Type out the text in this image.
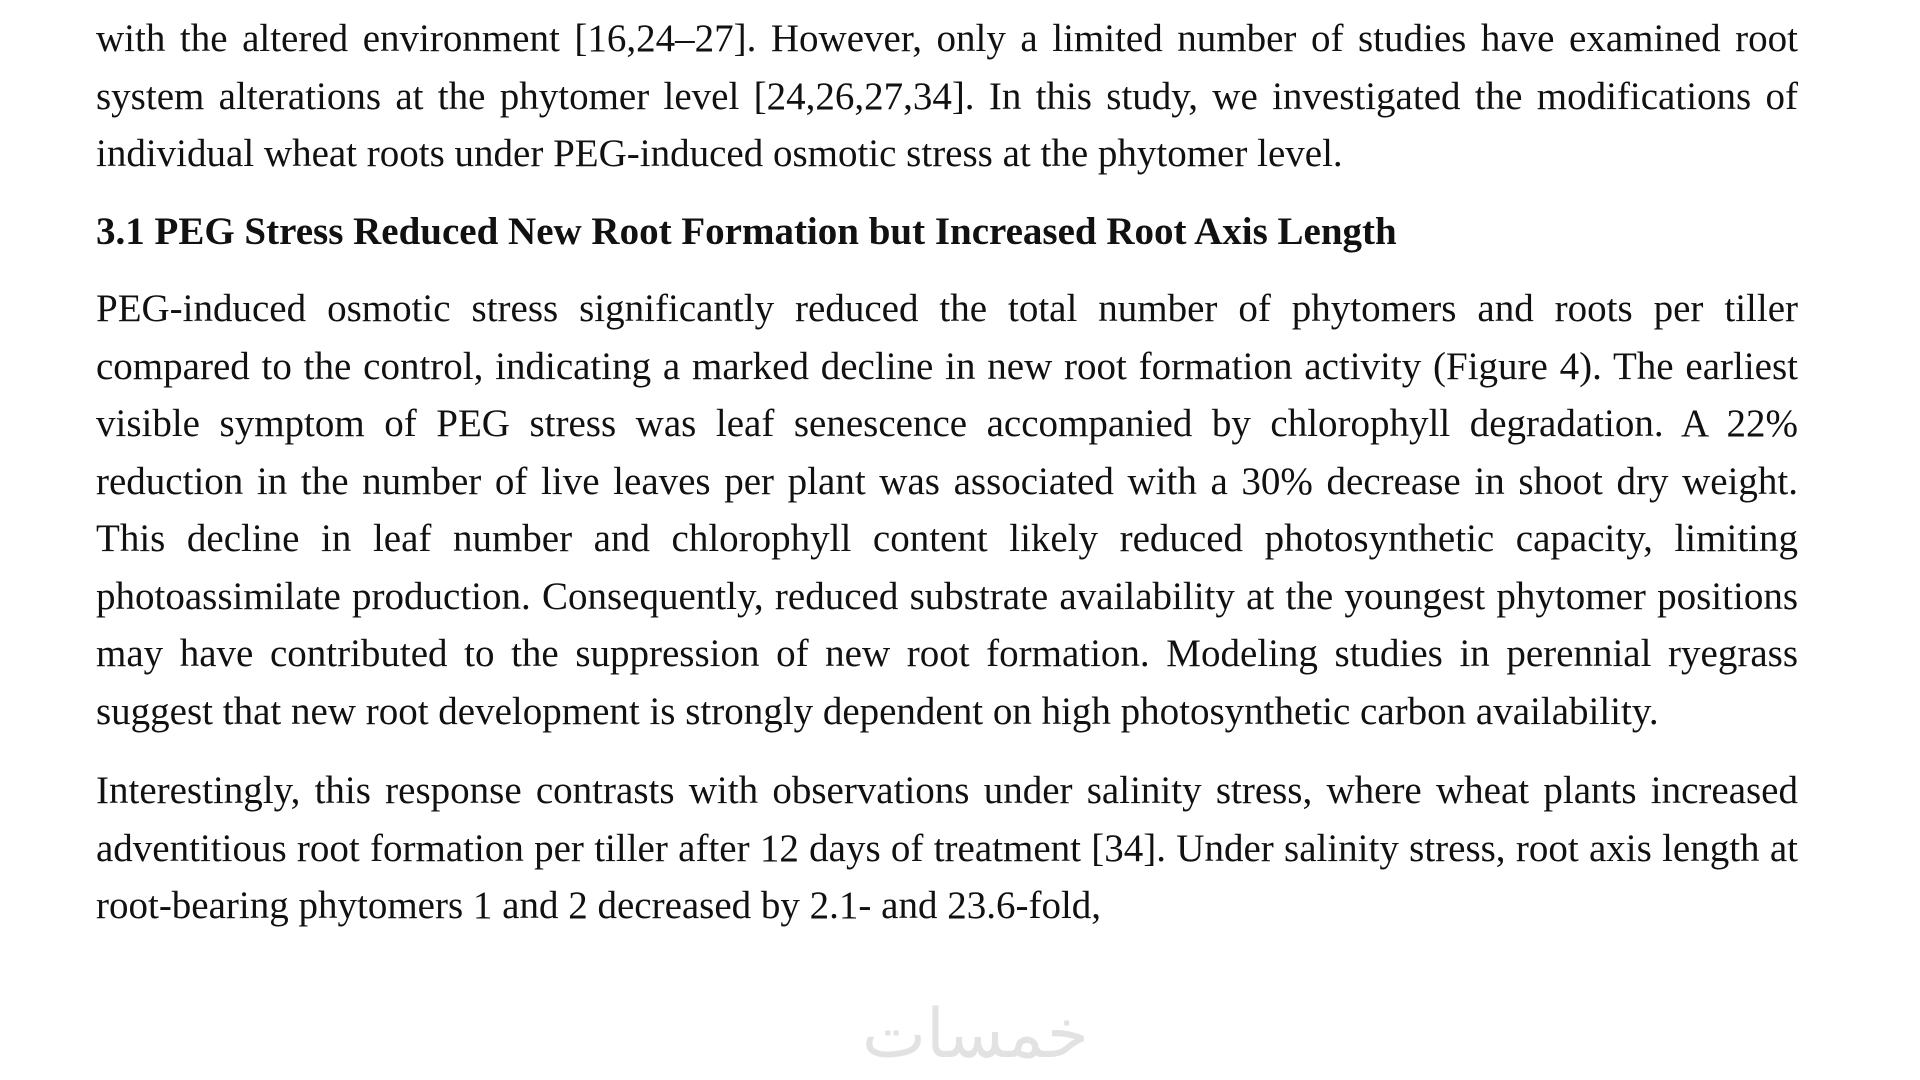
with the altered environment [16,24–27]. However, only a limited number of studies have examined root system alterations at the phytomer level [24,26,27,34]. In this study, we investigated the modifications of individual wheat roots under PEG-induced osmotic stress at the phytomer level.

3.1 PEG Stress Reduced New Root Formation but Increased Root Axis Length

PEG-induced osmotic stress significantly reduced the total number of phytomers and roots per tiller compared to the control, indicating a marked decline in new root formation activity (Figure 4). The earliest visible symptom of PEG stress was leaf senescence accompanied by chlorophyll degradation. A 22% reduction in the number of live leaves per plant was associated with a 30% decrease in shoot dry weight. This decline in leaf number and chlorophyll content likely reduced photosynthetic capacity, limiting photoassimilate production. Consequently, reduced substrate availability at the youngest phytomer positions may have contributed to the suppression of new root formation. Modeling studies in perennial ryegrass suggest that new root development is strongly dependent on high photosynthetic carbon availability.

Interestingly, this response contrasts with observations under salinity stress, where wheat plants increased adventitious root formation per tiller after 12 days of treatment [34]. Under salinity stress, root axis length at root-bearing phytomers 1 and 2 decreased by 2.1- and 23.6-fold,

خمسات
